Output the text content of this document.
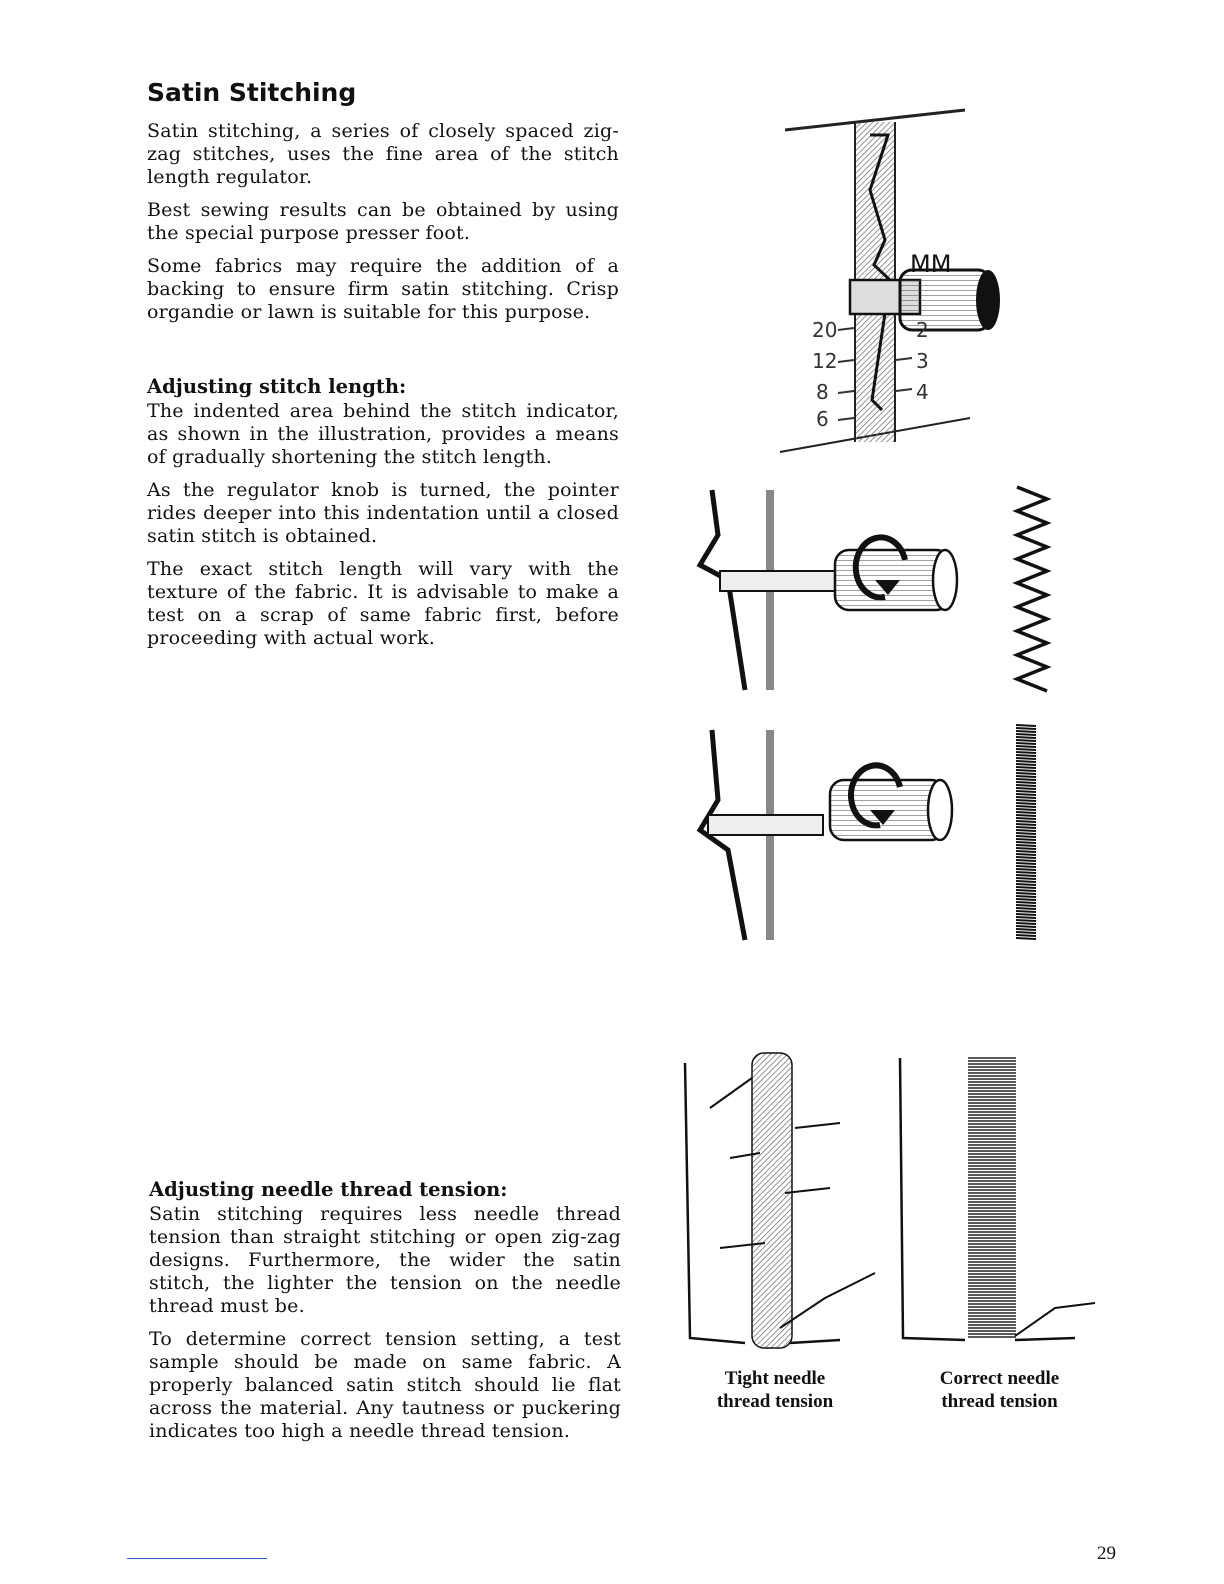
Satin Stitching

Satin stitching, a series of closely spaced zig-zag stitches, uses the fine area of the stitch length regulator.

Best sewing results can be obtained by using the special purpose presser foot.

Some fabrics may require the addition of a backing to ensure firm satin stitching. Crisp organdie or lawn is suitable for this purpose.

Adjusting stitch length:

The indented area behind the stitch indicator, as shown in the illustration, provides a means of gradually shortening the stitch length.

As the regulator knob is turned, the pointer rides deeper into this indentation until a closed satin stitch is obtained.

The exact stitch length will vary with the texture of the fabric. It is advisable to make a test on a scrap of same fabric first, before proceeding with actual work.

Adjusting needle thread tension:

Satin stitching requires less needle thread tension than straight stitching or open zig-zag designs. Furthermore, the wider the satin stitch, the lighter the tension on the needle thread must be.

To determine correct tension setting, a test sample should be made on same fabric. A properly balanced satin stitch should lie flat across the material. Any tautness or puckering indicates too high a needle thread tension.

MM
20
12
8
6
2
3
4
Tight needle
thread tension
Correct needle
thread tension
29
